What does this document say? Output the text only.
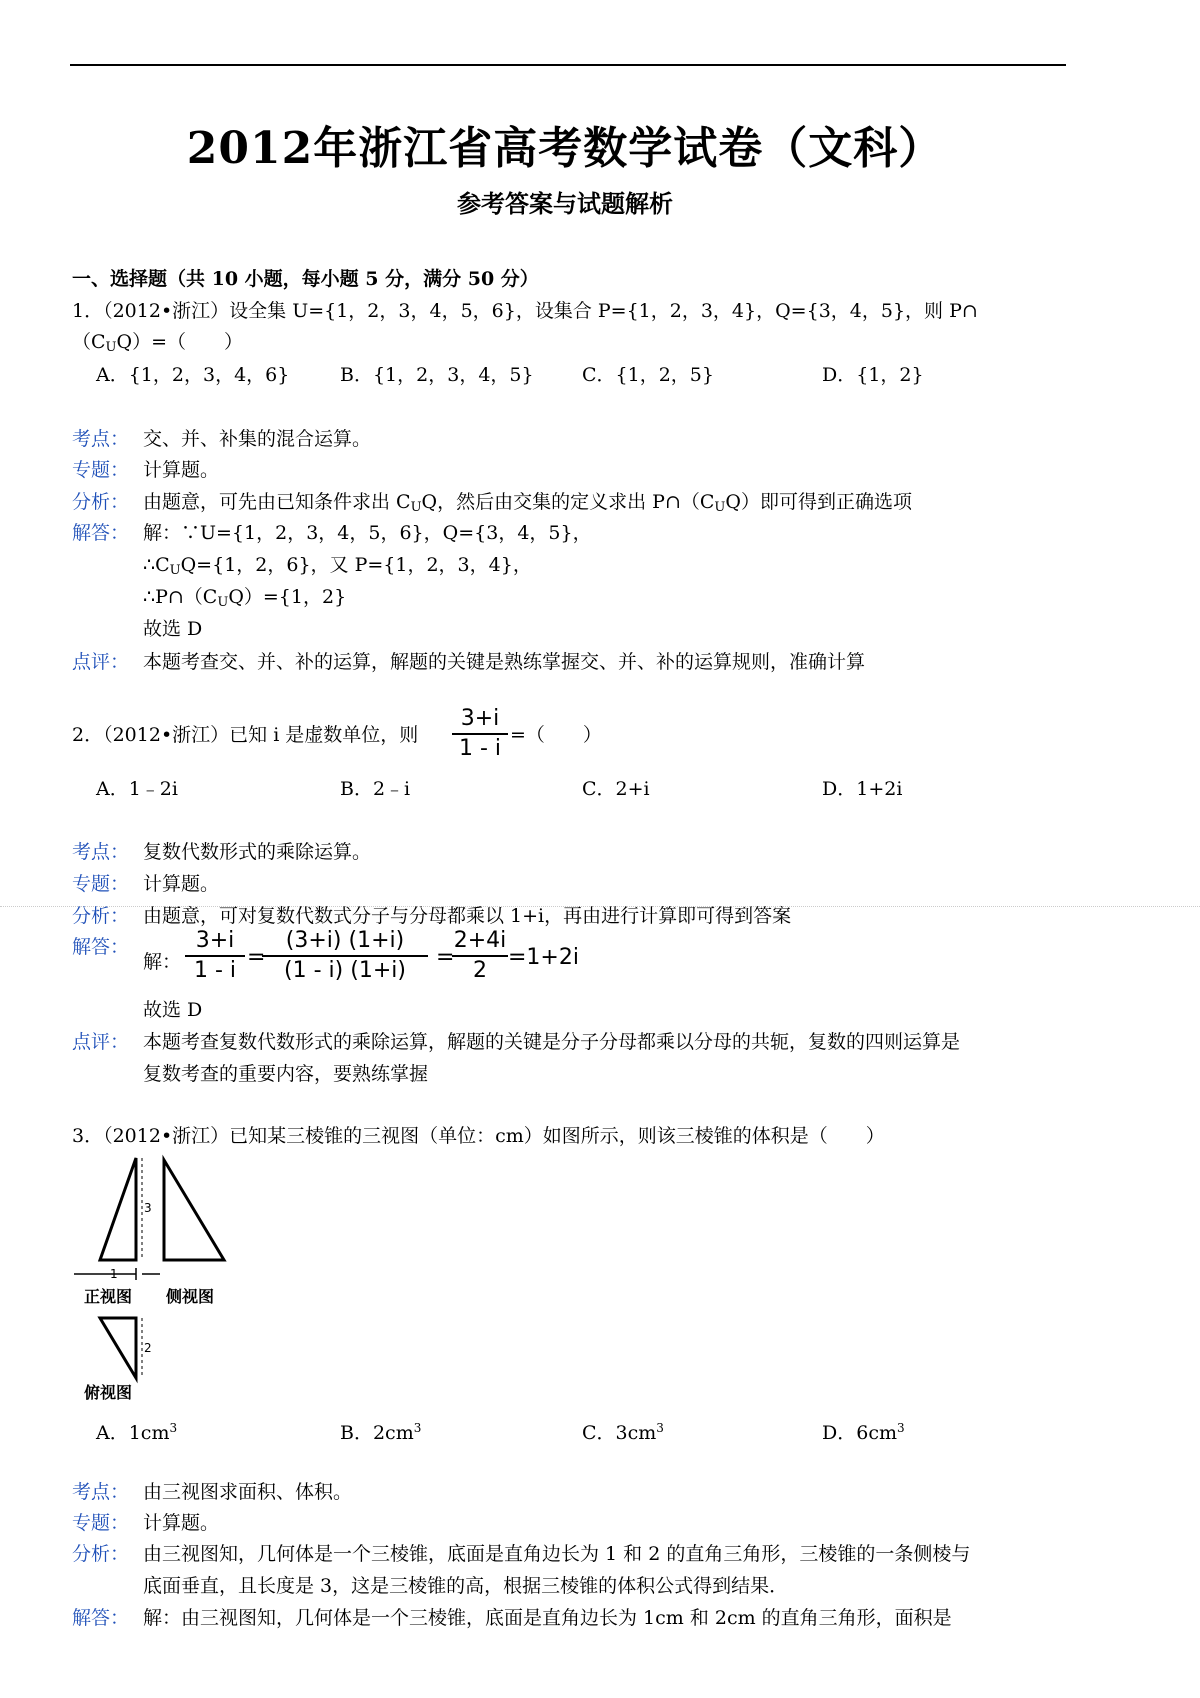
2012年浙江省高考数学试卷（文科）
参考答案与试题解析
一、选择题（共 10 小题，每小题 5 分，满分 50 分）
1．（2012•浙江）设全集 U={1，2，3，4，5，6}，设集合 P={1，2，3，4}，Q={3，4，5}，则 P∩
$(C_UQ)=$（　　）
A．{1，2，3，4，6}	B．{1，2，3，4，5}	C．{1，2，5}	D．{1，2}
考点： 交、并、补集的混合运算。
专题： 计算题。
分析： 由题意，可先由已知条件求出 $C_UQ$，然后由交集的定义求出 $P\cap(C_UQ)$即可得到正确选项
解答： 解：∵U={1，2，3，4，5，6}，Q={3，4，5}，
$\therefore C_UQ=\{1$，2，6}，又 P={1，2，3，4}，
$\therefore P\cap(C_UQ)=\{1$，2}
故选 D
点评： 本题考查交、并、补的运算，解题的关键是熟练掌握交、并、补的运算规则，准确计算
2．（2012•浙江）已知 i 是虚数单位，则
3+i
1 - i
=（　　）
A．1﹣2i	B．2﹣i	C．2+i	D．1+2i
考点： 复数代数形式的乘除运算。
专题： 计算题。
分析： 由题意，可对复数代数式分子与分母都乘以 1+i，再由进行计算即可得到答案
解答：
解：
3+i
1 - i
=
(3+i) (1+i)
(1 - i) (1+i)
=
2+4i
2
=1+2i
故选 D
点评： 本题考查复数代数形式的乘除运算，解题的关键是分子分母都乘以分母的共轭，复数的四则运算是
复数考查的重要内容，要熟练掌握
3．（2012•浙江）已知某三棱锥的三视图（单位：cm）如图所示，则该三棱锥的体积是（　　）
1
3
正视图 侧视图
2
俯视图
A．$1cm^3$	B．$2cm^3$	C．$3cm^3$	D．$6cm^3$
考点： 由三视图求面积、体积。
专题： 计算题。
分析： 由三视图知，几何体是一个三棱锥，底面是直角边长为 1 和 2 的直角三角形，三棱锥的一条侧棱与
底面垂直，且长度是 3，这是三棱锥的高，根据三棱锥的体积公式得到结果．
解答： 解：由三视图知，几何体是一个三棱锥，底面是直角边长为 1cm 和 2cm 的直角三角形，面积是
